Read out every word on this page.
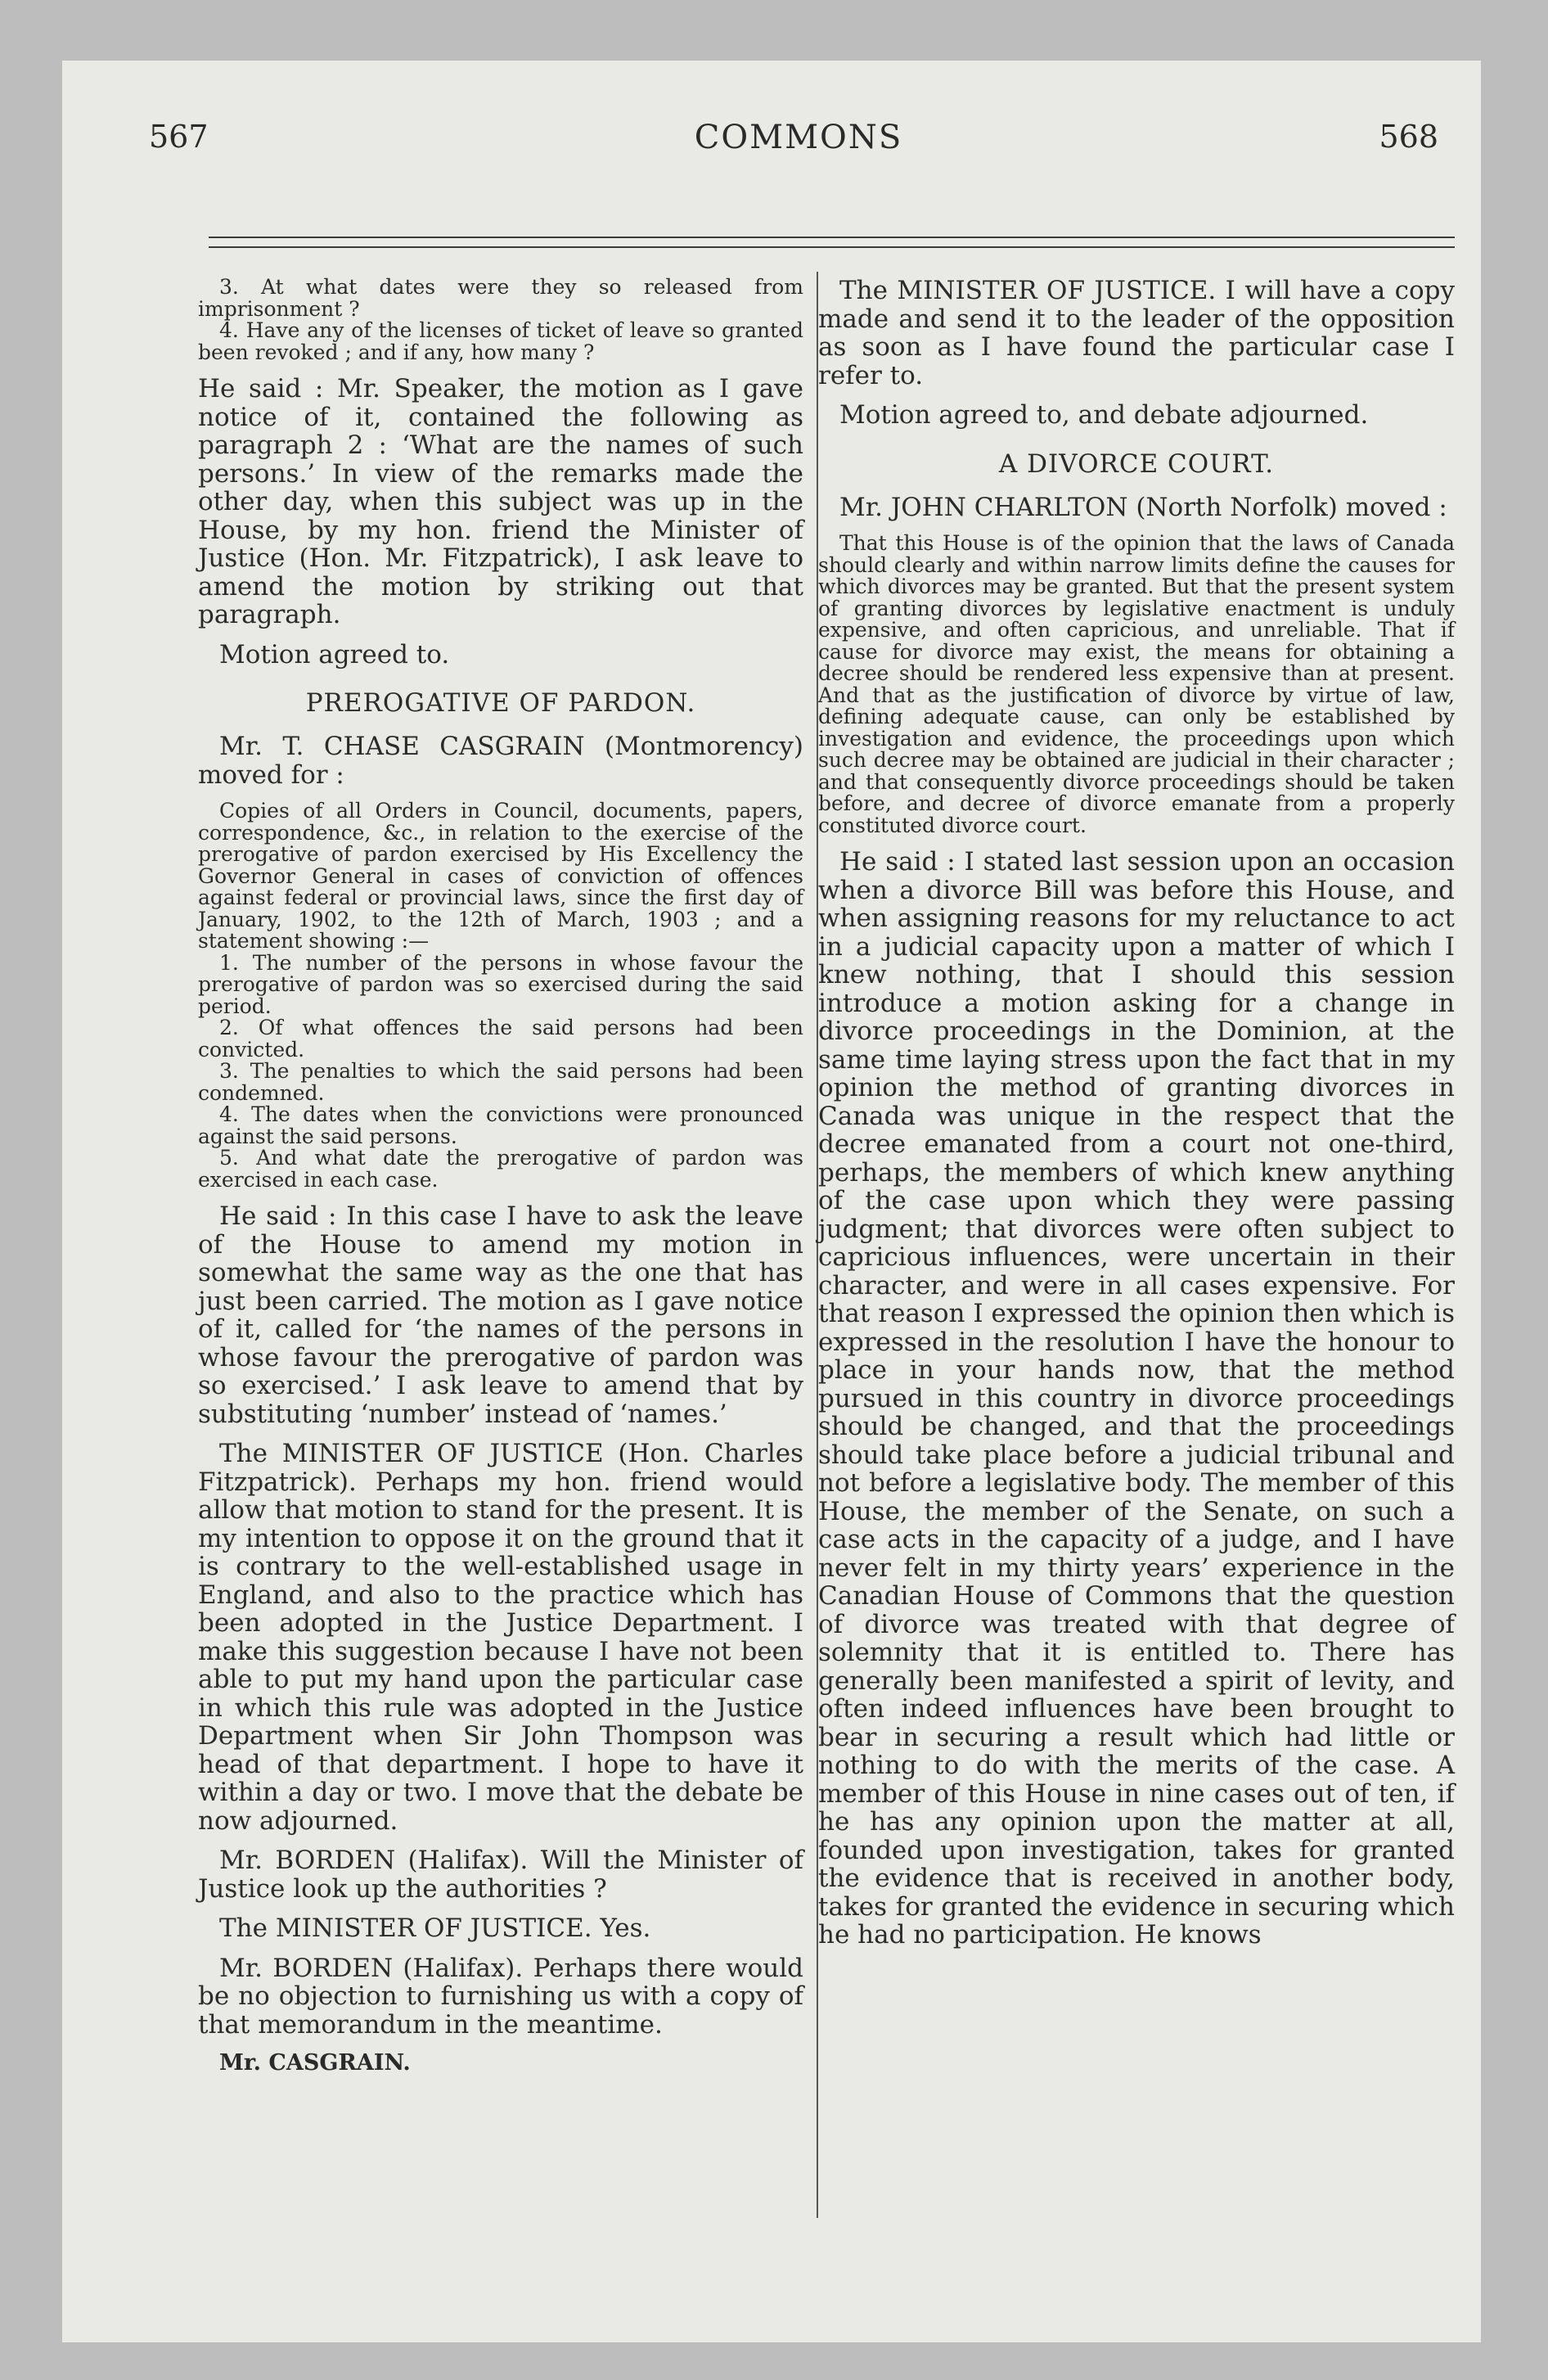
567	COMMONS	568

3. At what dates were they so released from imprisonment ?

4. Have any of the licenses of ticket of leave so granted been revoked ; and if any, how many ?

He said : Mr. Speaker, the motion as I gave notice of it, contained the following as paragraph 2 : ‘What are the names of such persons.’ In view of the remarks made the other day, when this subject was up in the House, by my hon. friend the Minister of Justice (Hon. Mr. Fitzpatrick), I ask leave to amend the motion by striking out that paragraph.

Motion agreed to.

PREROGATIVE OF PARDON.

Mr. T. CHASE CASGRAIN (Montmorency) moved for :

Copies of all Orders in Council, documents, papers, correspondence, &c., in relation to the exercise of the prerogative of pardon exercised by His Excellency the Governor General in cases of conviction of offences against federal or provincial laws, since the first day of January, 1902, to the 12th of March, 1903 ; and a statement showing :—

1. The number of the persons in whose favour the prerogative of pardon was so exercised during the said period.

2. Of what offences the said persons had been convicted.

3. The penalties to which the said persons had been condemned.

4. The dates when the convictions were pronounced against the said persons.

5. And what date the prerogative of pardon was exercised in each case.

He said : In this case I have to ask the leave of the House to amend my motion in somewhat the same way as the one that has just been carried. The motion as I gave notice of it, called for ‘the names of the persons in whose favour the prerogative of pardon was so exercised.’ I ask leave to amend that by substituting ‘number’ instead of ‘names.’

The MINISTER OF JUSTICE (Hon. Charles Fitzpatrick). Perhaps my hon. friend would allow that motion to stand for the present. It is my intention to oppose it on the ground that it is contrary to the well-established usage in England, and also to the practice which has been adopted in the Justice Department. I make this suggestion because I have not been able to put my hand upon the particular case in which this rule was adopted in the Justice Department when Sir John Thompson was head of that department. I hope to have it within a day or two. I move that the debate be now adjourned.

Mr. BORDEN (Halifax). Will the Minister of Justice look up the authorities ?

The MINISTER OF JUSTICE. Yes.

Mr. BORDEN (Halifax). Perhaps there would be no objection to furnishing us with a copy of that memorandum in the meantime.

Mr. CASGRAIN.

The MINISTER OF JUSTICE. I will have a copy made and send it to the leader of the opposition as soon as I have found the particular case I refer to.

Motion agreed to, and debate adjourned.

A DIVORCE COURT.

Mr. JOHN CHARLTON (North Norfolk) moved :

That this House is of the opinion that the laws of Canada should clearly and within narrow limits define the causes for which divorces may be granted. But that the present system of granting divorces by legislative enactment is unduly expensive, and often capricious, and unreliable. That if cause for divorce may exist, the means for obtaining a decree should be rendered less expensive than at present. And that as the justification of divorce by virtue of law, defining adequate cause, can only be established by investigation and evidence, the proceedings upon which such decree may be obtained are judicial in their character ; and that consequently divorce proceedings should be taken before, and decree of divorce emanate from a properly constituted divorce court.

He said : I stated last session upon an occasion when a divorce Bill was before this House, and when assigning reasons for my reluctance to act in a judicial capacity upon a matter of which I knew nothing, that I should this session introduce a motion asking for a change in divorce proceedings in the Dominion, at the same time laying stress upon the fact that in my opinion the method of granting divorces in Canada was unique in the respect that the decree emanated from a court not one-third, perhaps, the members of which knew anything of the case upon which they were passing judgment; that divorces were often subject to capricious influences, were uncertain in their character, and were in all cases expensive. For that reason I expressed the opinion then which is expressed in the resolution I have the honour to place in your hands now, that the method pursued in this country in divorce proceedings should be changed, and that the proceedings should take place before a judicial tribunal and not before a legislative body. The member of this House, the member of the Senate, on such a case acts in the capacity of a judge, and I have never felt in my thirty years’ experience in the Canadian House of Commons that the question of divorce was treated with that degree of solemnity that it is entitled to. There has generally been manifested a spirit of levity, and often indeed influences have been brought to bear in securing a result which had little or nothing to do with the merits of the case. A member of this House in nine cases out of ten, if he has any opinion upon the matter at all, founded upon investigation, takes for granted the evidence that is received in another body, takes for granted the evidence in securing which he had no participation. He knows
